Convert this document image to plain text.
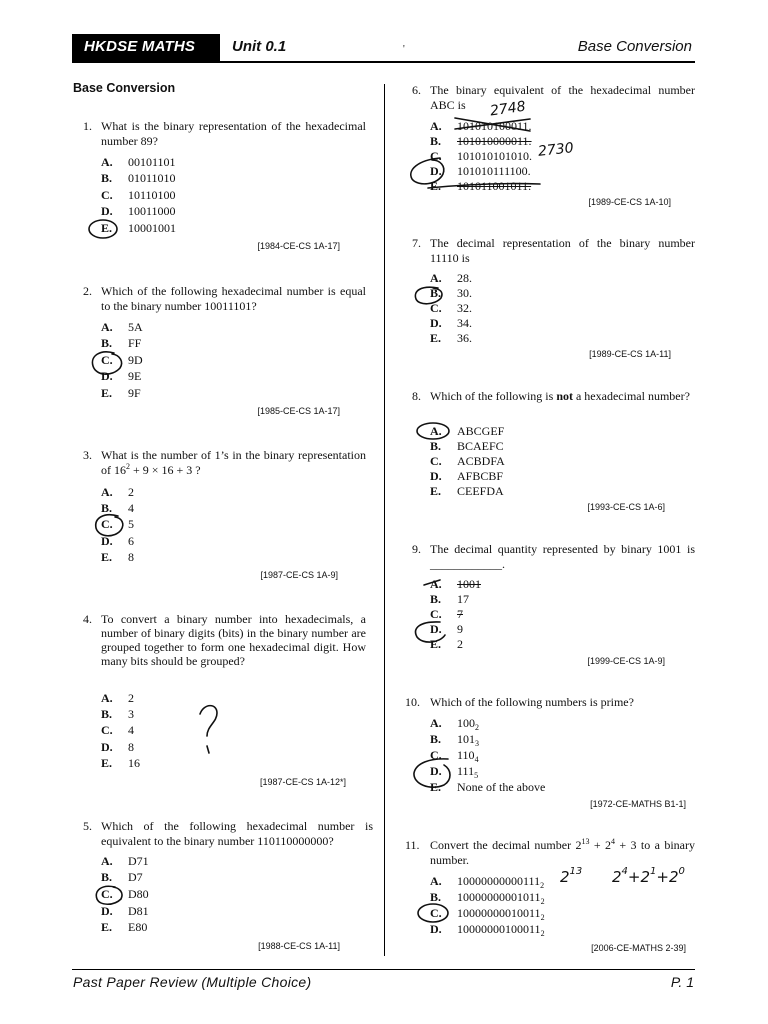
HKDSE MATHS Unit 0.1	'	Base Conversion
Base Conversion
1. What is the binary representation of the hexadecimal number 89?
A. 00101101
B. 01011010
C. 10110100
D. 10011000
E. 10001001
[1984-CE-CS 1A-17]
2. Which of the following hexadecimal number is equal to the binary number 10011101?
A. 5A
B. FF
C. 9D
D. 9E
E. 9F
[1985-CE-CS 1A-17]
3. What is the number of 1’s in the binary representation of $16^2 + 9 \times 16 + 3$ ?
A. 2
B. 4
C. 5
D. 6
E. 8
[1987-CE-CS 1A-9]
4. To convert a binary number into hexadecimals, a number of binary digits (bits) in the binary number are grouped together to form one hexadecimal digit. How many bits should be grouped?
A. 2
B. 3
C. 4
D. 8
E. 16
[1987-CE-CS 1A-12*]
5. Which of the following hexadecimal number is equivalent to the binary number 110110000000?
A. D71
B. D7
C. D80
D. D81
E. E80
[1988-CE-CS 1A-11]
6. The binary equivalent of the hexadecimal number ABC is
A. 101010100011.
B. 101010000011.
C. 101010101010.
D. 101010111100.
E. 101011001011.
[1989-CE-CS 1A-10]
7. The decimal representation of the binary number 11110 is
A. 28.
B. 30.
C. 32.
D. 34.
E. 36.
[1989-CE-CS 1A-11]
8. Which of the following is not a hexadecimal number?
A. ABCGEF
B. BCAEFC
C. ACBDFA
D. AFBCBF
E. CEEFDA
[1993-CE-CS 1A-6]
9. The decimal quantity represented by binary 1001 is ____________.
A. 1001
B. 17
C. 7
D. 9
E. 2
[1999-CE-CS 1A-9]
10. Which of the following numbers is prime?
A. $100_2$
B. $101_3$
C. $110_4$
D. $111_5$
E. None of the above
[1972-CE-MATHS B1-1]
11. Convert the decimal number $2^{13} + 2^4 + 3$ to a binary number.
A. $10000000000111_2$
B. $10000000001011_2$
C. $10000000010011_2$
D. $10000000100011_2$
[2006-CE-MATHS 2-39]
Past Paper Review (Multiple Choice)	P. 1
2748
2730
$2^{13}$ $2^4+2^1+2^0$
